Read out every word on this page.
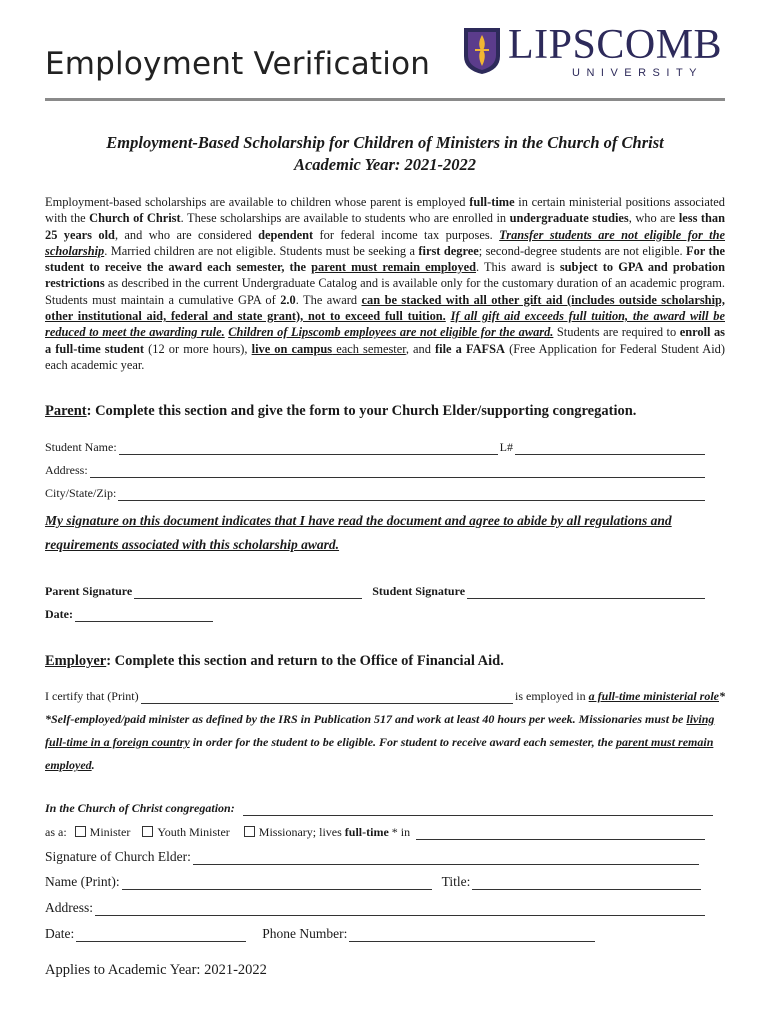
Employment Verification LIPSCOMB
UNIVERSITY
Employment-Based Scholarship for Children of Ministers in the Church of Christ
Academic Year: 2021-2022
Employment-based scholarships are available to children whose parent is employed full-time in certain ministerial positions associated with the Church of Christ. These scholarships are available to students who are enrolled in undergraduate studies, who are less than 25 years old, and who are considered dependent for federal income tax purposes. Transfer students are not eligible for the scholarship. Married children are not eligible. Students must be seeking a first degree; second-degree students are not eligible. For the student to receive the award each semester, the parent must remain employed. This award is subject to GPA and probation restrictions as described in the current Undergraduate Catalog and is available only for the customary duration of an academic program. Students must maintain a cumulative GPA of 2.0. The award can be stacked with all other gift aid (includes outside scholarship, other institutional aid, federal and state grant), not to exceed full tuition. If all gift aid exceeds full tuition, the award will be reduced to meet the awarding rule. Children of Lipscomb employees are not eligible for the award. Students are required to enroll as a full-time student (12 or more hours), live on campus each semester, and file a FAFSA (Free Application for Federal Student Aid) each academic year.
Parent: Complete this section and give the form to your Church Elder/supporting congregation.
Student Name:	L#
Address:
City/State/Zip:
My signature on this document indicates that I have read the document and agree to abide by all regulations and requirements associated with this scholarship award.
Parent Signature	Student Signature
Date:
Employer: Complete this section and return to the Office of Financial Aid.
I certify that (Print)	is employed in a full-time ministerial role*
*Self-employed/paid minister as defined by the IRS in Publication 517 and work at least 40 hours per week. Missionaries must be living full-time in a foreign country in order for the student to be eligible. For student to receive award each semester, the parent must remain employed.
In the Church of Christ congregation:
as a:	Minister	Youth Minister	Missionary; lives full-time * in
Signature of Church Elder:
Name (Print):	Title:
Address:
Date:	Phone Number:
Applies to Academic Year: 2021-2022
